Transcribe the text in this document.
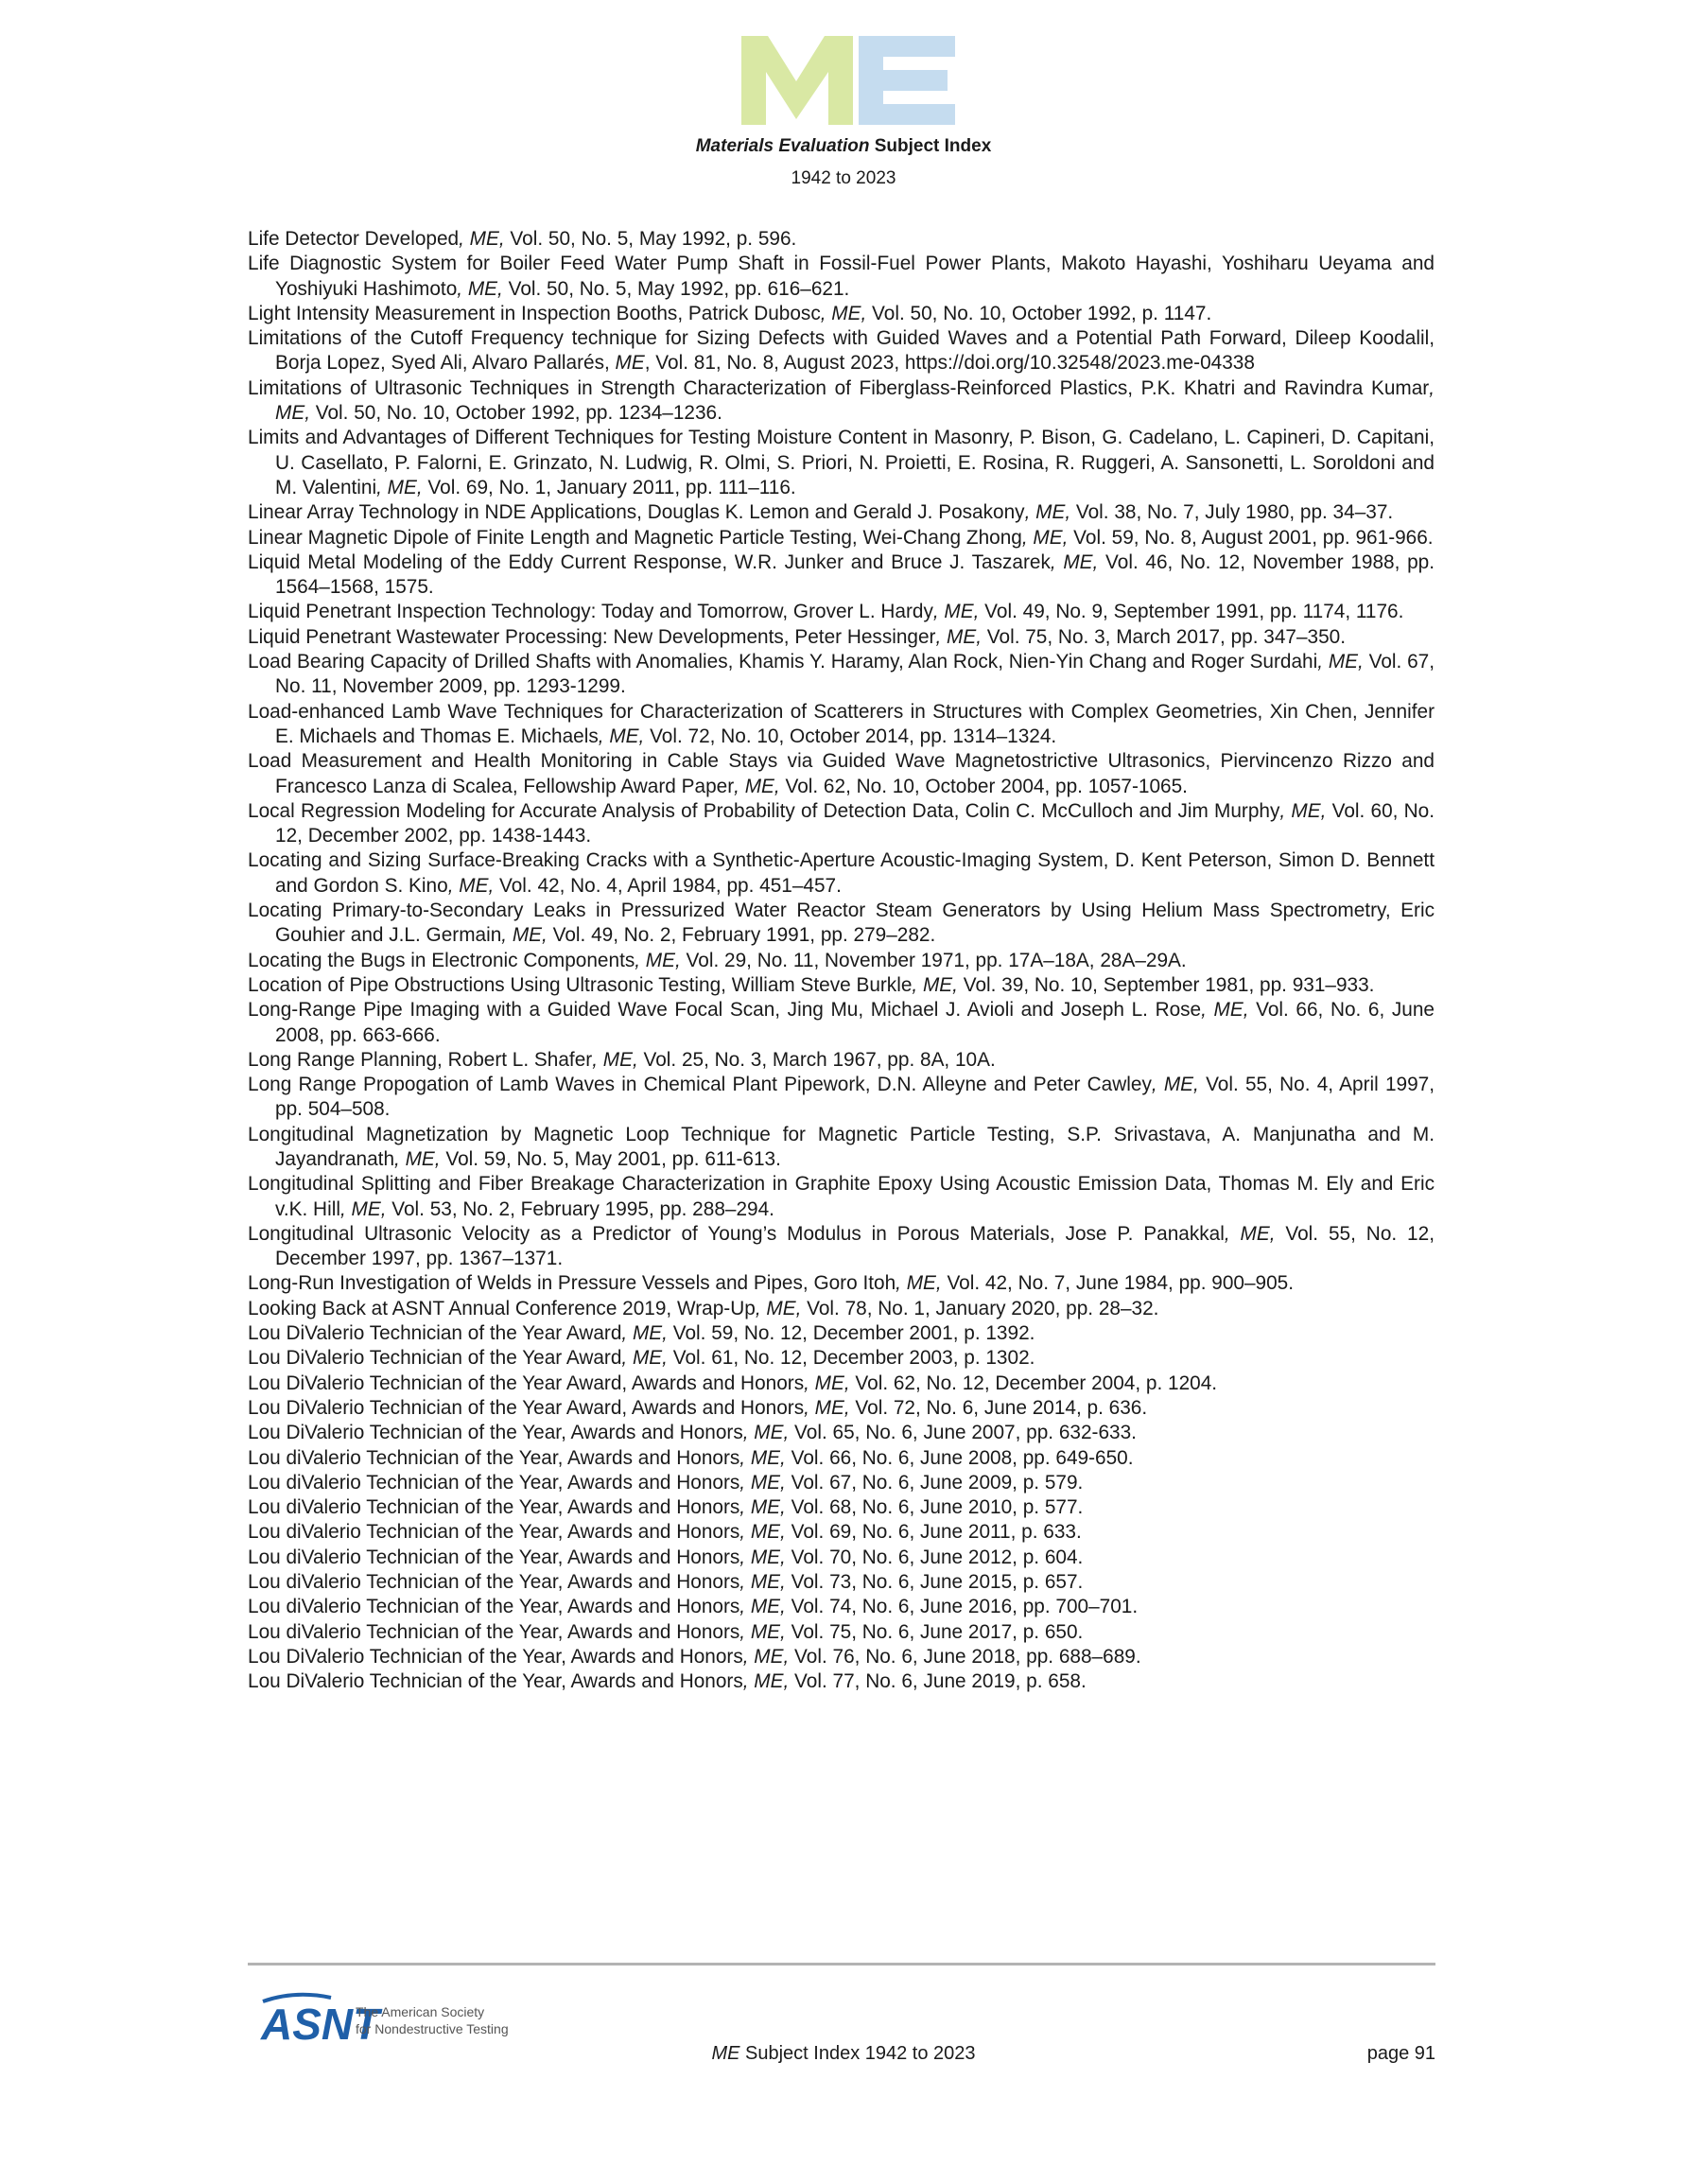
Materials Evaluation Subject Index
1942 to 2023
Life Detector Developed, ME, Vol. 50, No. 5, May 1992, p. 596.
Life Diagnostic System for Boiler Feed Water Pump Shaft in Fossil-Fuel Power Plants, Makoto Hayashi, Yoshiharu Ueyama and Yoshiyuki Hashimoto, ME, Vol. 50, No. 5, May 1992, pp. 616–621.
Light Intensity Measurement in Inspection Booths, Patrick Dubosc, ME, Vol. 50, No. 10, October 1992, p. 1147.
Limitations of the Cutoff Frequency technique for Sizing Defects with Guided Waves and a Potential Path Forward, Dileep Koodalil, Borja Lopez, Syed Ali, Alvaro Pallarés, ME, Vol. 81, No. 8, August 2023, https://doi.org/10.32548/2023.me-04338
Limitations of Ultrasonic Techniques in Strength Characterization of Fiberglass-Reinforced Plastics, P.K. Khatri and Ravindra Kumar, ME, Vol. 50, No. 10, October 1992, pp. 1234–1236.
Limits and Advantages of Different Techniques for Testing Moisture Content in Masonry, P. Bison, G. Cadelano, L. Capineri, D. Capitani, U. Casellato, P. Falorni, E. Grinzato, N. Ludwig, R. Olmi, S. Priori, N. Proietti, E. Rosina, R. Ruggeri, A. Sansonetti, L. Soroldoni and M. Valentini, ME, Vol. 69, No. 1, January 2011, pp. 111–116.
Linear Array Technology in NDE Applications, Douglas K. Lemon and Gerald J. Posakony, ME, Vol. 38, No. 7, July 1980, pp. 34–37.
Linear Magnetic Dipole of Finite Length and Magnetic Particle Testing, Wei-Chang Zhong, ME, Vol. 59, No. 8, August 2001, pp. 961-966.
Liquid Metal Modeling of the Eddy Current Response, W.R. Junker and Bruce J. Taszarek, ME, Vol. 46, No. 12, November 1988, pp. 1564–1568, 1575.
Liquid Penetrant Inspection Technology: Today and Tomorrow, Grover L. Hardy, ME, Vol. 49, No. 9, September 1991, pp. 1174, 1176.
Liquid Penetrant Wastewater Processing: New Developments, Peter Hessinger, ME, Vol. 75, No. 3, March 2017, pp. 347–350.
Load Bearing Capacity of Drilled Shafts with Anomalies, Khamis Y. Haramy, Alan Rock, Nien-Yin Chang and Roger Surdahi, ME, Vol. 67, No. 11, November 2009, pp. 1293-1299.
Load-enhanced Lamb Wave Techniques for Characterization of Scatterers in Structures with Complex Geometries, Xin Chen, Jennifer E. Michaels and Thomas E. Michaels, ME, Vol. 72, No. 10, October 2014, pp. 1314–1324.
Load Measurement and Health Monitoring in Cable Stays via Guided Wave Magnetostrictive Ultrasonics, Piervincenzo Rizzo and Francesco Lanza di Scalea, Fellowship Award Paper, ME, Vol. 62, No. 10, October 2004, pp. 1057-1065.
Local Regression Modeling for Accurate Analysis of Probability of Detection Data, Colin C. McCulloch and Jim Murphy, ME, Vol. 60, No. 12, December 2002, pp. 1438-1443.
Locating and Sizing Surface-Breaking Cracks with a Synthetic-Aperture Acoustic-Imaging System, D. Kent Peterson, Simon D. Bennett and Gordon S. Kino, ME, Vol. 42, No. 4, April 1984, pp. 451–457.
Locating Primary-to-Secondary Leaks in Pressurized Water Reactor Steam Generators by Using Helium Mass Spectrometry, Eric Gouhier and J.L. Germain, ME, Vol. 49, No. 2, February 1991, pp. 279–282.
Locating the Bugs in Electronic Components, ME, Vol. 29, No. 11, November 1971, pp. 17A–18A, 28A–29A.
Location of Pipe Obstructions Using Ultrasonic Testing, William Steve Burkle, ME, Vol. 39, No. 10, September 1981, pp. 931–933.
Long-Range Pipe Imaging with a Guided Wave Focal Scan, Jing Mu, Michael J. Avioli and Joseph L. Rose, ME, Vol. 66, No. 6, June 2008, pp. 663-666.
Long Range Planning, Robert L. Shafer, ME, Vol. 25, No. 3, March 1967, pp. 8A, 10A.
Long Range Propogation of Lamb Waves in Chemical Plant Pipework, D.N. Alleyne and Peter Cawley, ME, Vol. 55, No. 4, April 1997, pp. 504–508.
Longitudinal Magnetization by Magnetic Loop Technique for Magnetic Particle Testing, S.P. Srivastava, A. Manjunatha and M. Jayandranath, ME, Vol. 59, No. 5, May 2001, pp. 611-613.
Longitudinal Splitting and Fiber Breakage Characterization in Graphite Epoxy Using Acoustic Emission Data, Thomas M. Ely and Eric v.K. Hill, ME, Vol. 53, No. 2, February 1995, pp. 288–294.
Longitudinal Ultrasonic Velocity as a Predictor of Young’s Modulus in Porous Materials, Jose P. Panakkal, ME, Vol. 55, No. 12, December 1997, pp. 1367–1371.
Long-Run Investigation of Welds in Pressure Vessels and Pipes, Goro Itoh, ME, Vol. 42, No. 7, June 1984, pp. 900–905.
Looking Back at ASNT Annual Conference 2019, Wrap-Up, ME, Vol. 78, No. 1, January 2020, pp. 28–32.
Lou DiValerio Technician of the Year Award, ME, Vol. 59, No. 12, December 2001, p. 1392.
Lou DiValerio Technician of the Year Award, ME, Vol. 61, No. 12, December 2003, p. 1302.
Lou DiValerio Technician of the Year Award, Awards and Honors, ME, Vol. 62, No. 12, December 2004, p. 1204.
Lou DiValerio Technician of the Year Award, Awards and Honors, ME, Vol. 72, No. 6, June 2014, p. 636.
Lou DiValerio Technician of the Year, Awards and Honors, ME, Vol. 65, No. 6, June 2007, pp. 632-633.
Lou diValerio Technician of the Year, Awards and Honors, ME, Vol. 66, No. 6, June 2008, pp. 649-650.
Lou diValerio Technician of the Year, Awards and Honors, ME, Vol. 67, No. 6, June 2009, p. 579.
Lou diValerio Technician of the Year, Awards and Honors, ME, Vol. 68, No. 6, June 2010, p. 577.
Lou diValerio Technician of the Year, Awards and Honors, ME, Vol. 69, No. 6, June 2011, p. 633.
Lou diValerio Technician of the Year, Awards and Honors, ME, Vol. 70, No. 6, June 2012, p. 604.
Lou diValerio Technician of the Year, Awards and Honors, ME, Vol. 73, No. 6, June 2015, p. 657.
Lou diValerio Technician of the Year, Awards and Honors, ME, Vol. 74, No. 6, June 2016, pp. 700–701.
Lou diValerio Technician of the Year, Awards and Honors, ME, Vol. 75, No. 6, June 2017, p. 650.
Lou DiValerio Technician of the Year, Awards and Honors, ME, Vol. 76, No. 6, June 2018, pp. 688–689.
Lou DiValerio Technician of the Year, Awards and Honors, ME, Vol. 77, No. 6, June 2019, p. 658.
ASNT
The American Society
for Nondestructive Testing
ME Subject Index 1942 to 2023	page 91
